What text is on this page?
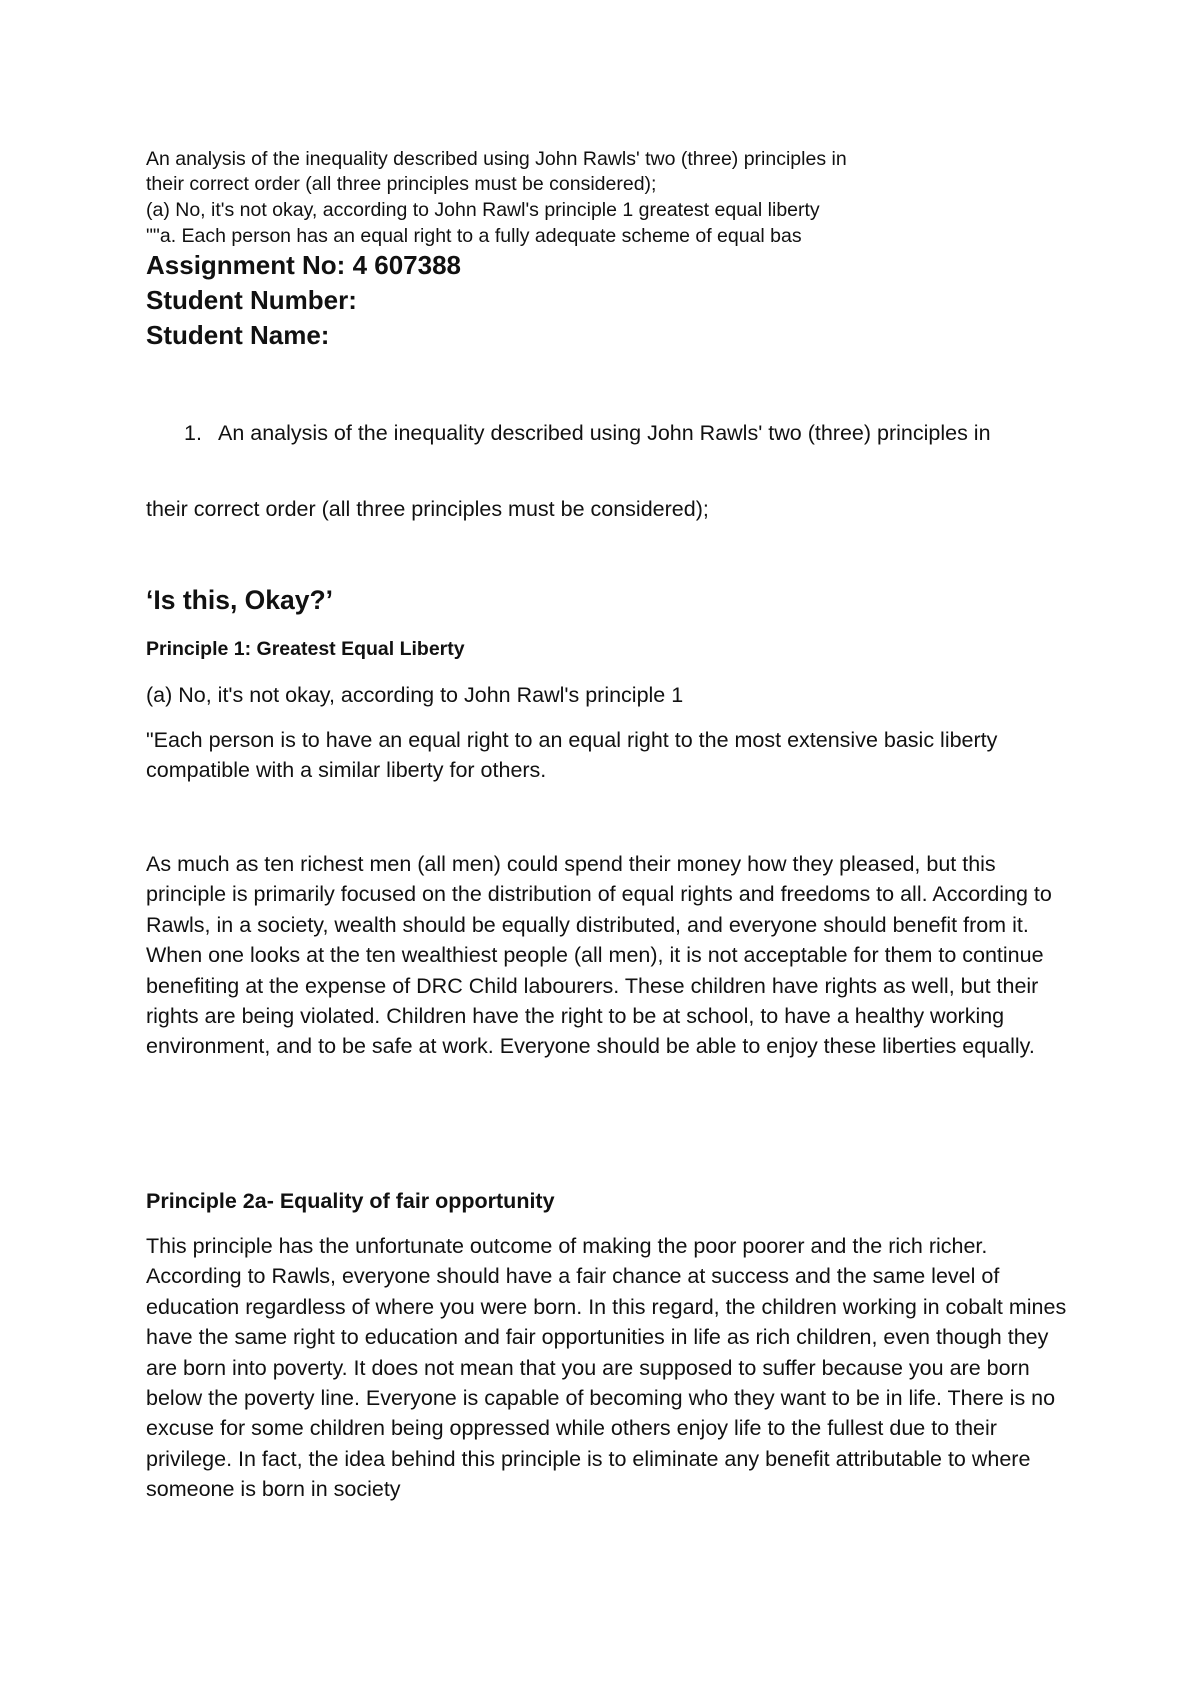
An analysis of the inequality described using John Rawls' two (three) principles in
their correct order (all three principles must be considered);
(a) No, it's not okay, according to John Rawl's principle 1 greatest equal liberty
""a. Each person has an equal right to a fully adequate scheme of equal bas
Assignment No: 4 607388
Student Number:
Student Name:
1. An analysis of the inequality described using John Rawls' two (three) principles in

their correct order (all three principles must be considered);

‘Is this, Okay?’
Principle 1: Greatest Equal Liberty

(a) No, it's not okay, according to John Rawl's principle 1

"Each person is to have an equal right to an equal right to the most extensive basic liberty compatible with a similar liberty for others.

As much as ten richest men (all men) could spend their money how they pleased, but this principle is primarily focused on the distribution of equal rights and freedoms to all. According to Rawls, in a society, wealth should be equally distributed, and everyone should benefit from it. When one looks at the ten wealthiest people (all men), it is not acceptable for them to continue benefiting at the expense of DRC Child labourers. These children have rights as well, but their rights are being violated. Children have the right to be at school, to have a healthy working environment, and to be safe at work. Everyone should be able to enjoy these liberties equally.

Principle 2a- Equality of fair opportunity

This principle has the unfortunate outcome of making the poor poorer and the rich richer. According to Rawls, everyone should have a fair chance at success and the same level of education regardless of where you were born. In this regard, the children working in cobalt mines have the same right to education and fair opportunities in life as rich children, even though they are born into poverty. It does not mean that you are supposed to suffer because you are born below the poverty line. Everyone is capable of becoming who they want to be in life. There is no excuse for some children being oppressed while others enjoy life to the fullest due to their privilege. In fact, the idea behind this principle is to eliminate any benefit attributable to where someone is born in society
